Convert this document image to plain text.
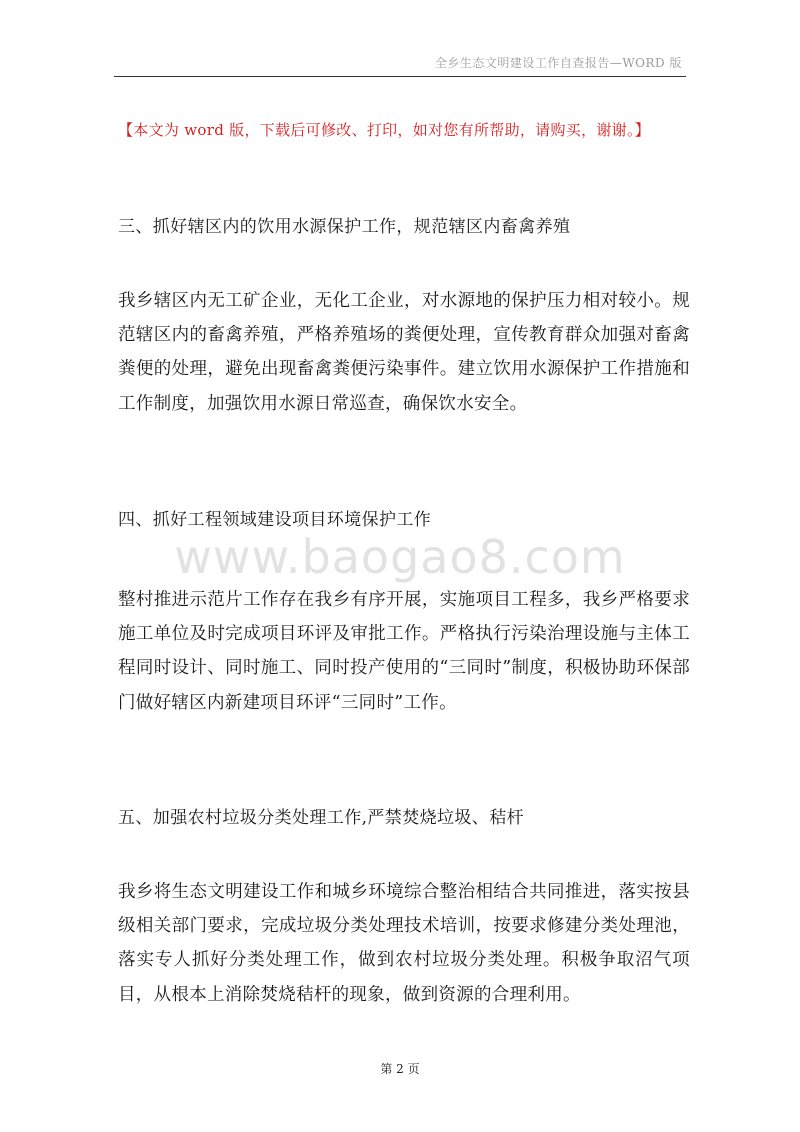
全乡生态文明建设工作自查报告—WORD 版
【本文为 word 版，下载后可修改、打印，如对您有所帮助，请购买，谢谢。】
三、抓好辖区内的饮用水源保护工作，规范辖区内畜禽养殖

我乡辖区内无工矿企业，无化工企业，对水源地的保护压力相对较小。规范辖区内的畜禽养殖，严格养殖场的粪便处理，宣传教育群众加强对畜禽粪便的处理，避免出现畜禽粪便污染事件。建立饮用水源保护工作措施和工作制度，加强饮用水源日常巡查，确保饮水安全。

四、抓好工程领域建设项目环境保护工作
www.baogao8.com

整村推进示范片工作存在我乡有序开展，实施项目工程多，我乡严格要求施工单位及时完成项目环评及审批工作。严格执行污染治理设施与主体工程同时设计、同时施工、同时投产使用的“三同时”制度，积极协助环保部门做好辖区内新建项目环评“三同时”工作。

五、加强农村垃圾分类处理工作,严禁焚烧垃圾、秸杆

我乡将生态文明建设工作和城乡环境综合整治相结合共同推进，落实按县级相关部门要求，完成垃圾分类处理技术培训，按要求修建分类处理池，落实专人抓好分类处理工作，做到农村垃圾分类处理。积极争取沼气项目，从根本上消除焚烧秸杆的现象，做到资源的合理利用。

第 2 页
